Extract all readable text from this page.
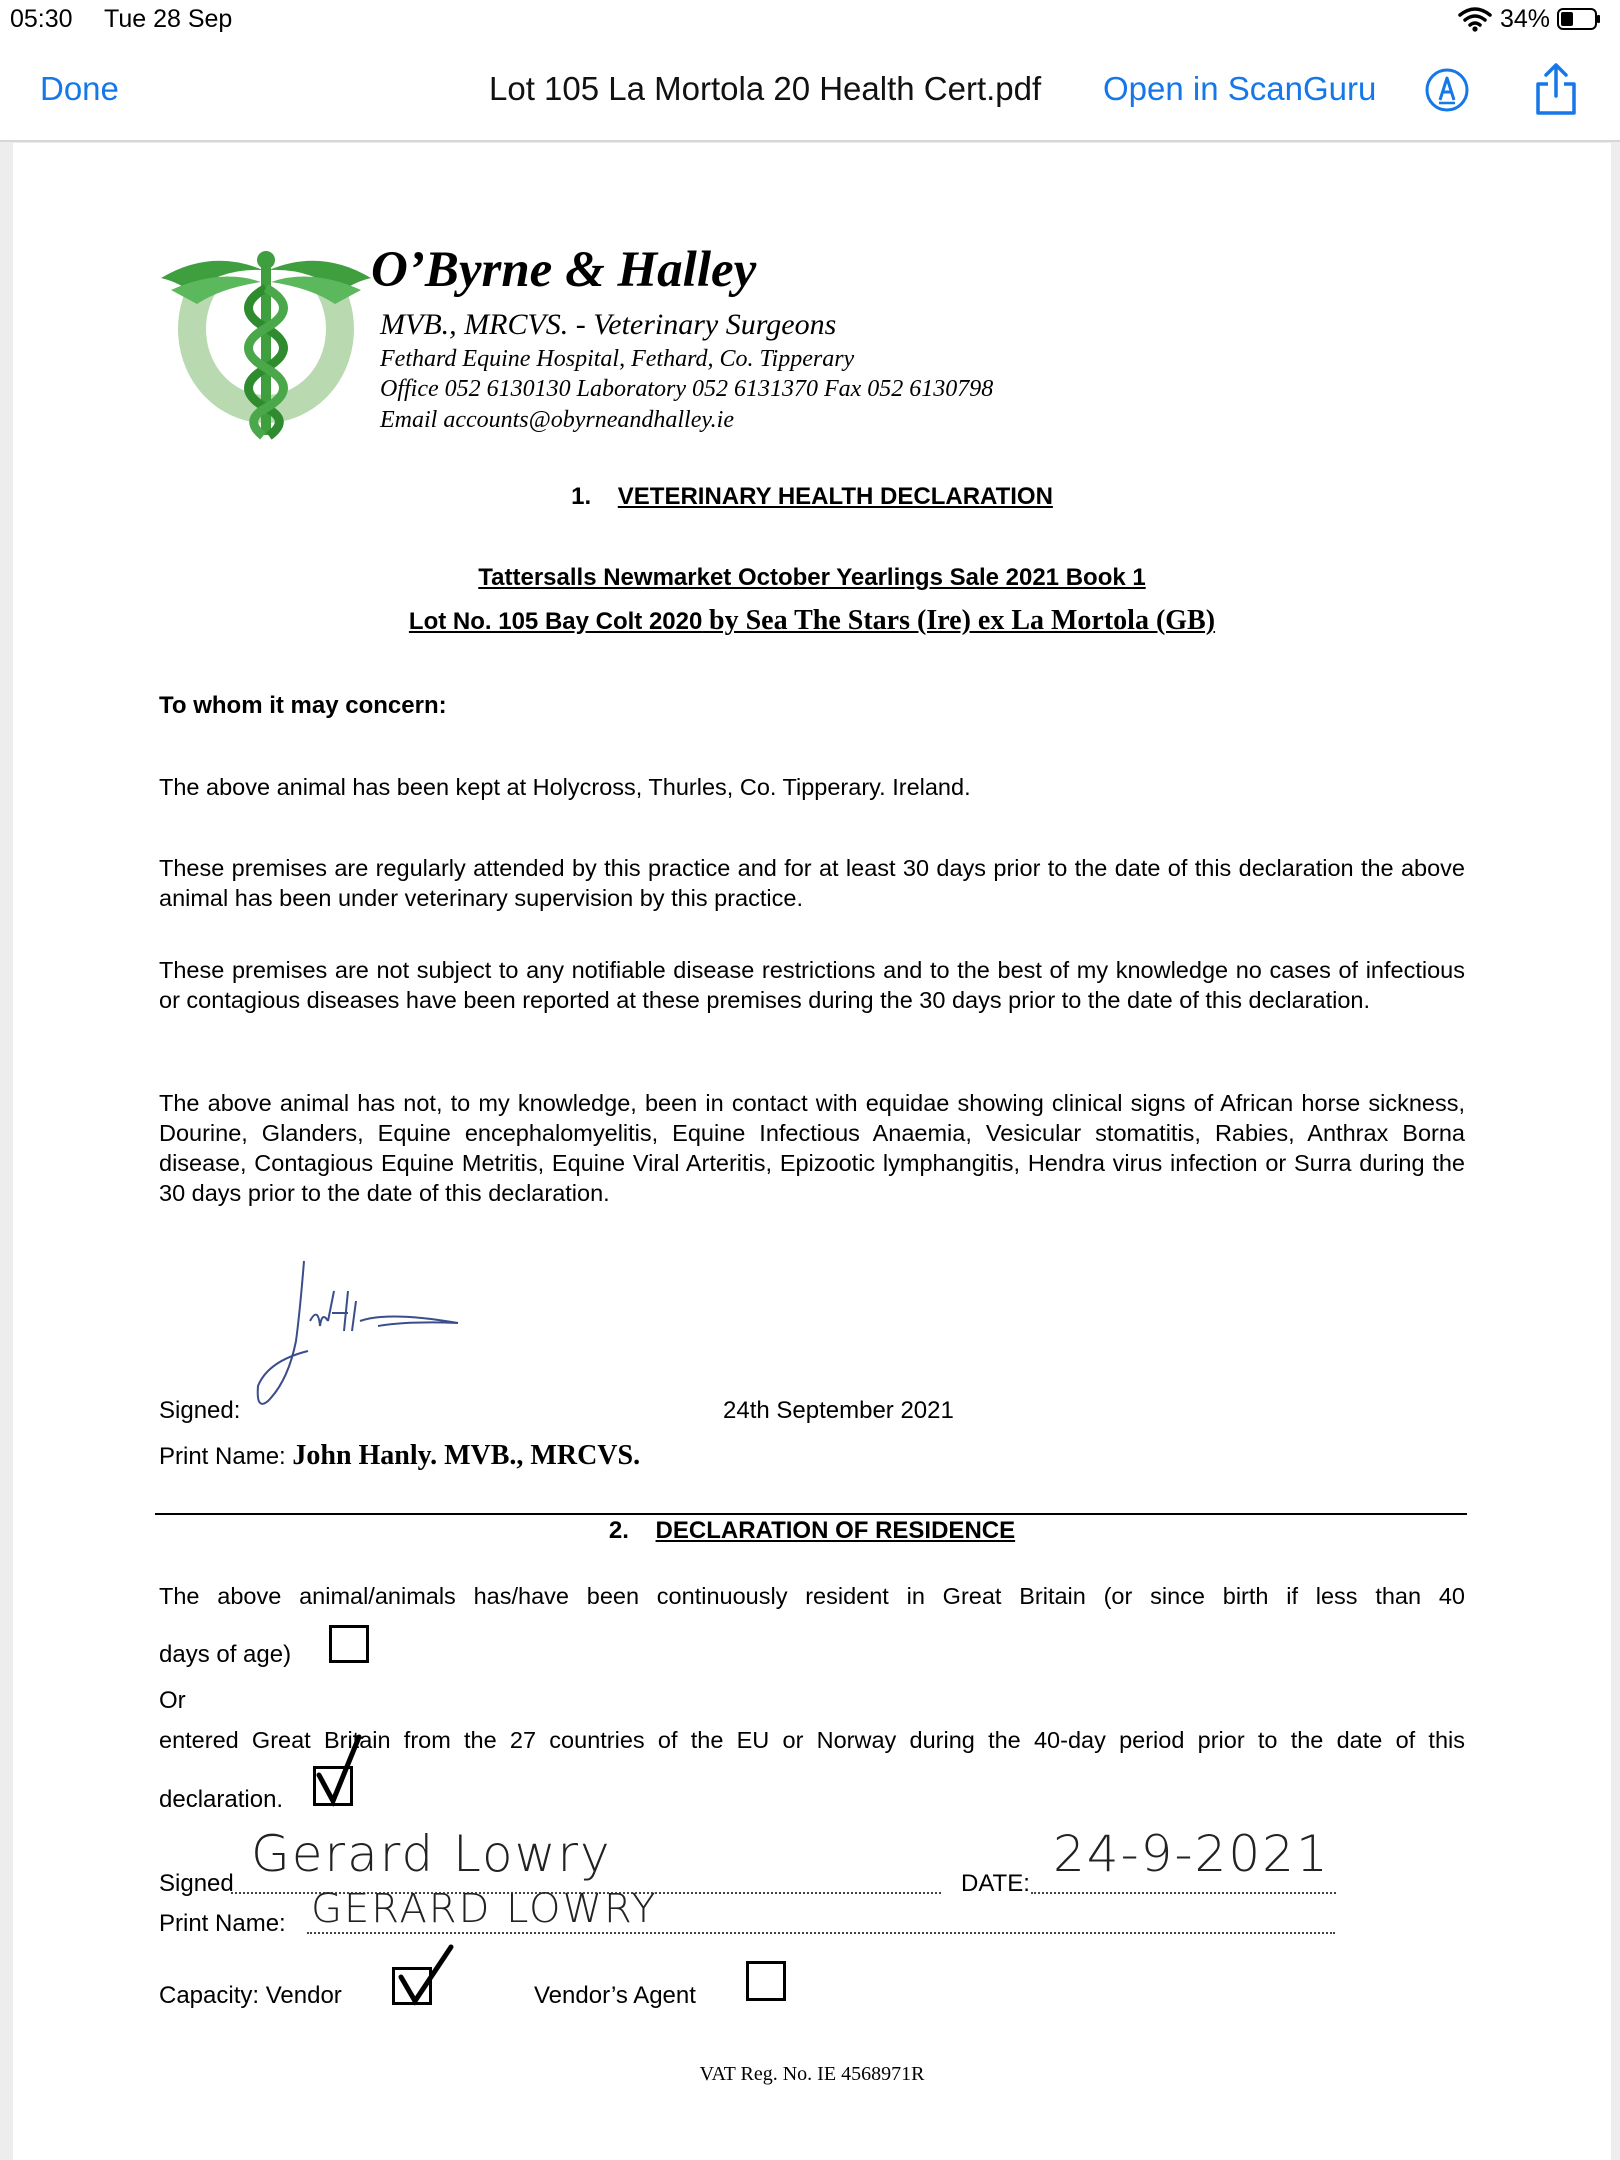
05:30 Tue 28 Sep	34%
Done	Lot 105 La Mortola 20 Health Cert.pdf Open in ScanGuru
O’Byrne & Halley
MVB., MRCVS. - Veterinary Surgeons
Fethard Equine Hospital, Fethard, Co. Tipperary
Office 052 6130130 Laboratory 052 6131370 Fax 052 6130798
Email accounts@obyrneandhalley.ie
1. VETERINARY HEALTH DECLARATION
Tattersalls Newmarket October Yearlings Sale 2021 Book 1
Lot No. 105 Bay Colt 2020 by Sea The Stars (Ire) ex La Mortola (GB)
To whom it may concern:
The above animal has been kept at Holycross, Thurles, Co. Tipperary. Ireland.
These premises are regularly attended by this practice and for at least 30 days prior to the date of this declaration the above animal has been under veterinary supervision by this practice.
These premises are not subject to any notifiable disease restrictions and to the best of my knowledge no cases of infectious or contagious diseases have been reported at these premises during the 30 days prior to the date of this declaration.
The above animal has not, to my knowledge, been in contact with equidae showing clinical signs of African horse sickness, Dourine, Glanders, Equine encephalomyelitis, Equine Infectious Anaemia, Vesicular stomatitis, Rabies, Anthrax Borna disease, Contagious Equine Metritis, Equine Viral Arteritis, Epizootic lymphangitis, Hendra virus infection or Surra during the 30 days prior to the date of this declaration.
Signed:	24th September 2021
Print Name: John Hanly. MVB., MRCVS.
2. DECLARATION OF RESIDENCE
The above animal/animals has/have been continuously resident in Great Britain (or since birth if less than 40
days of age)
Or
entered Great Britain from the 27 countries of the EU or Norway during the 40-day period prior to the date of this
declaration.
Signed
Gerard Lowry
DATE:
24-9-2021
Print Name: GERARD LOWRY
Capacity: Vendor	Vendor’s Agent
VAT Reg. No. IE 4568971R
